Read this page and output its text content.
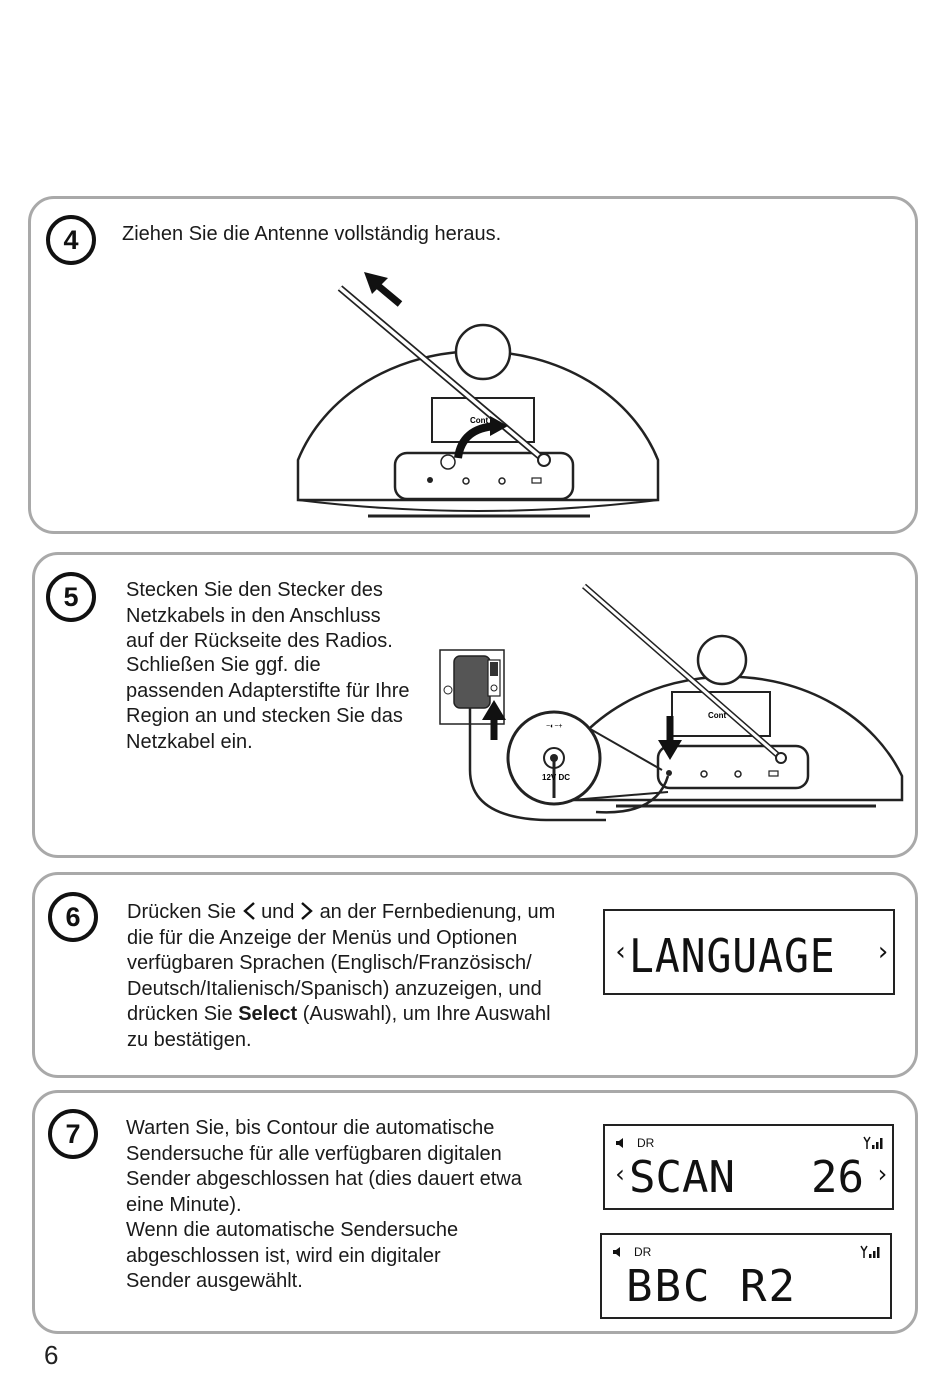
4	Ziehen Sie die Antenne vollständig heraus.
Cont
5	Stecken Sie den Stecker des

Netzkabels in den Anschluss

auf der Rückseite des Radios.

Schließen Sie ggf. die

passenden Adapterstifte für Ihre

Region an und stecken Sie das

Netzkabel ein.

Cont
−◐−+
12V DC
6	Drücken Sie und an der Fernbedienung, um

die für die Anzeige der Menüs und Optionen

verfügbaren Sprachen (Englisch/Französisch/

Deutsch/Italienisch/Spanisch) anzuzeigen, und

drücken Sie Select (Auswahl), um Ihre Auswahl

zu bestätigen.

‹ LANGUAGE ›
7	Warten Sie, bis Contour die automatische

Sendersuche für alle verfügbaren digitalen

Sender abgeschlossen hat (dies dauert etwa

eine Minute).

Wenn die automatische Sendersuche

abgeschlossen ist, wird ein digitaler

Sender ausgewählt.

DR
‹ SCAN 26 ›
DR
BBC R2
6
